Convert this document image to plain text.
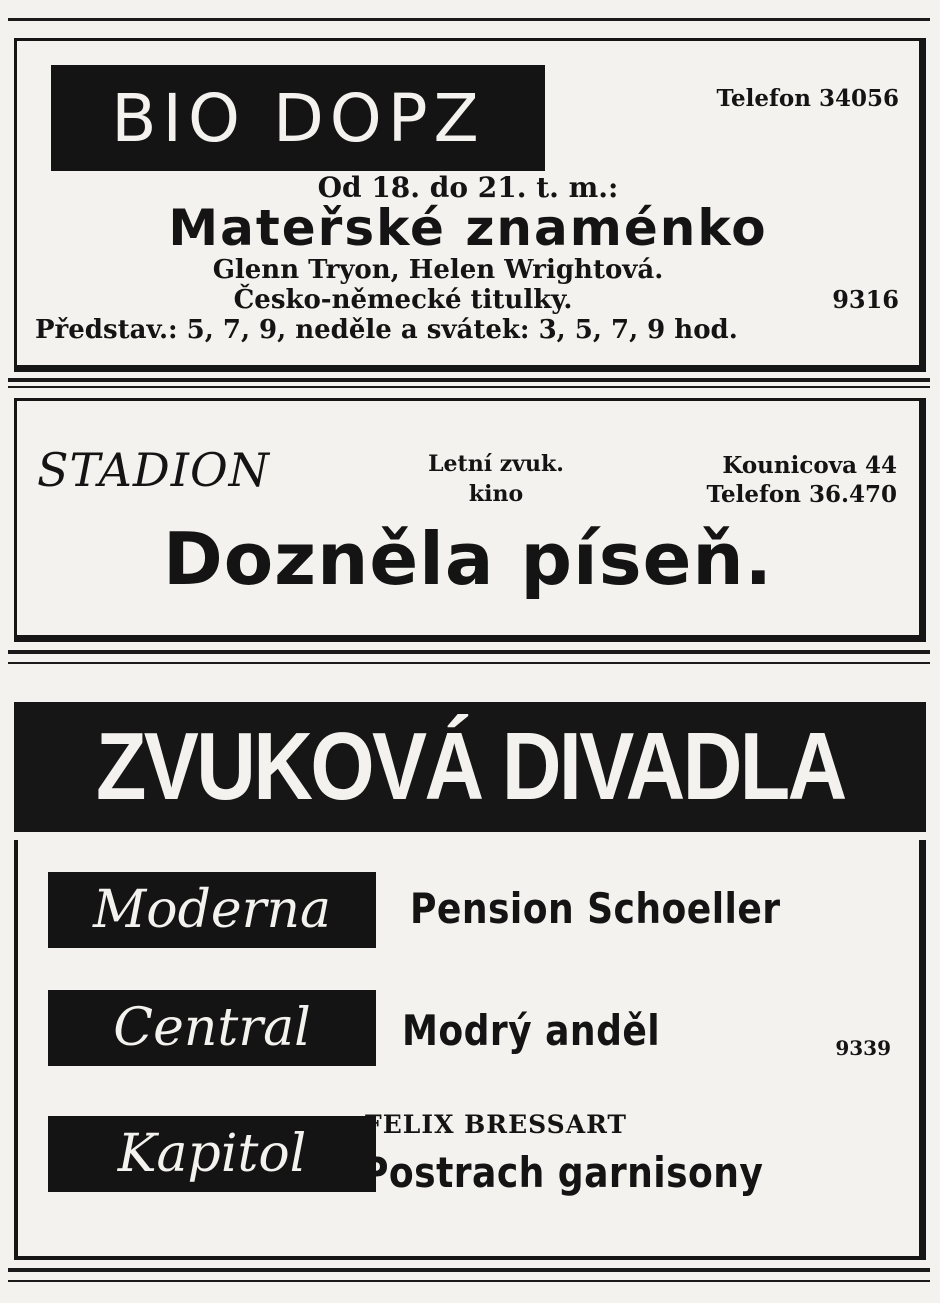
BIO DOPZ	Telefon 34056
Od 18. do 21. t. m.:
Mateřské znaménko
Glenn Tryon, Helen Wrightová.
Česko-německé titulky.	9316
Představ.: 5, 7, 9, neděle a svátek: 3, 5, 7, 9 hod.
STADION	Letní zvuk.
kino
Kounicova 44
Telefon 36.470
Dozněla píseň.
ZVUKOVÁ DIVADLA
Moderna Pension Schoeller
Central Modrý anděl	9339
Kapitol FELIX BRESSART
Postrach garnisony
